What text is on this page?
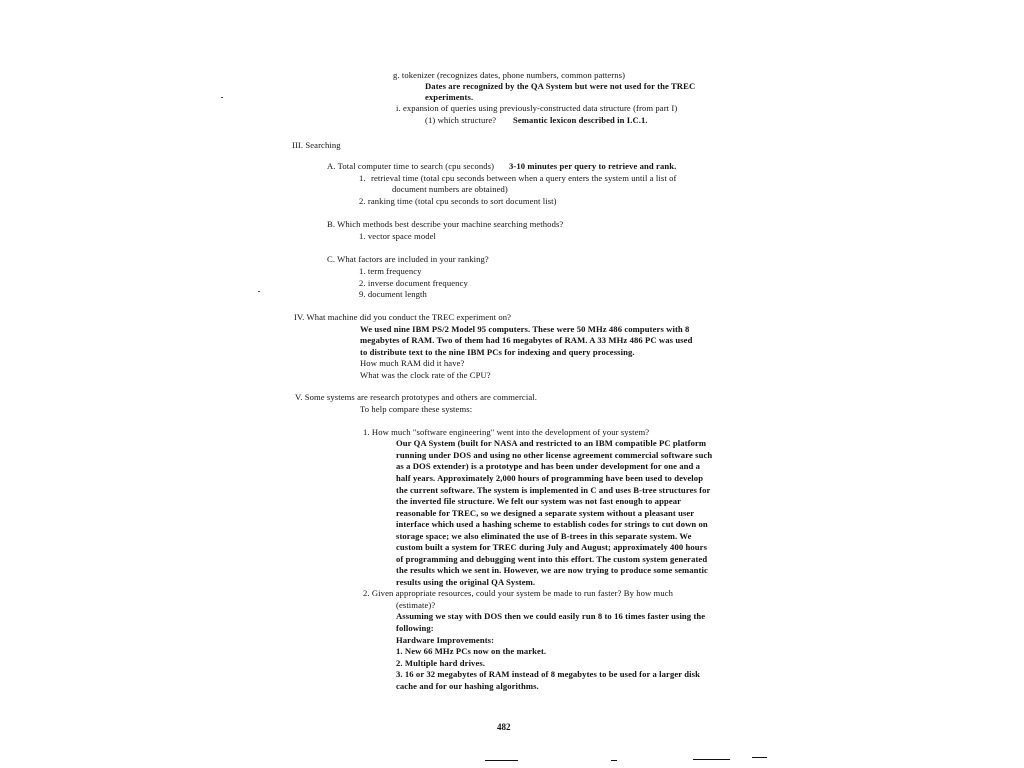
g. tokenizer (recognizes dates, phone numbers, common patterns)
Dates are recognized by the QA System but were not used for the TREC
experiments.
i. expansion of queries using previously-constructed data structure (from part I)
(1) which structure? Semantic lexicon described in I.C.1.
III. Searching
A. Total computer time to search (cpu seconds) 3-10 minutes per query to retrieve and rank.
1. retrieval time (total cpu seconds between when a query enters the system until a list of
document numbers are obtained)
2. ranking time (total cpu seconds to sort document list)
B. Which methods best describe your machine searching methods?
1. vector space model
C. What factors are included in your ranking?
1. term frequency
2. inverse document frequency
9. document length
IV. What machine did you conduct the TREC experiment on?
We used nine IBM PS/2 Model 95 computers. These were 50 MHz 486 computers with 8
megabytes of RAM. Two of them had 16 megabytes of RAM. A 33 MHz 486 PC was used
to distribute text to the nine IBM PCs for indexing and query processing.
How much RAM did it have?
What was the clock rate of the CPU?
V. Some systems are research prototypes and others are commercial.
To help compare these systems:
1. How much "software engineering" went into the development of your system?
Our QA System (built for NASA and restricted to an IBM compatible PC platform
running under DOS and using no other license agreement commercial software such
as a DOS extender) is a prototype and has been under development for one and a
half years. Approximately 2,000 hours of programming have been used to develop
the current software. The system is implemented in C and uses B-tree structures for
the inverted file structure. We felt our system was not fast enough to appear
reasonable for TREC, so we designed a separate system without a pleasant user
interface which used a hashing scheme to establish codes for strings to cut down on
storage space; we also eliminated the use of B-trees in this separate system. We
custom built a system for TREC during July and August; approximately 400 hours
of programming and debugging went into this effort. The custom system generated
the results which we sent in. However, we are now trying to produce some semantic
results using the original QA System.
2. Given appropriate resources, could your system be made to run faster? By how much
(estimate)?
Assuming we stay with DOS then we could easily run 8 to 16 times faster using the
following:
Hardware Improvements:
1. New 66 MHz PCs now on the market.
2. Multiple hard drives.
3. 16 or 32 megabytes of RAM instead of 8 megabytes to be used for a larger disk
cache and for our hashing algorithms.
482
